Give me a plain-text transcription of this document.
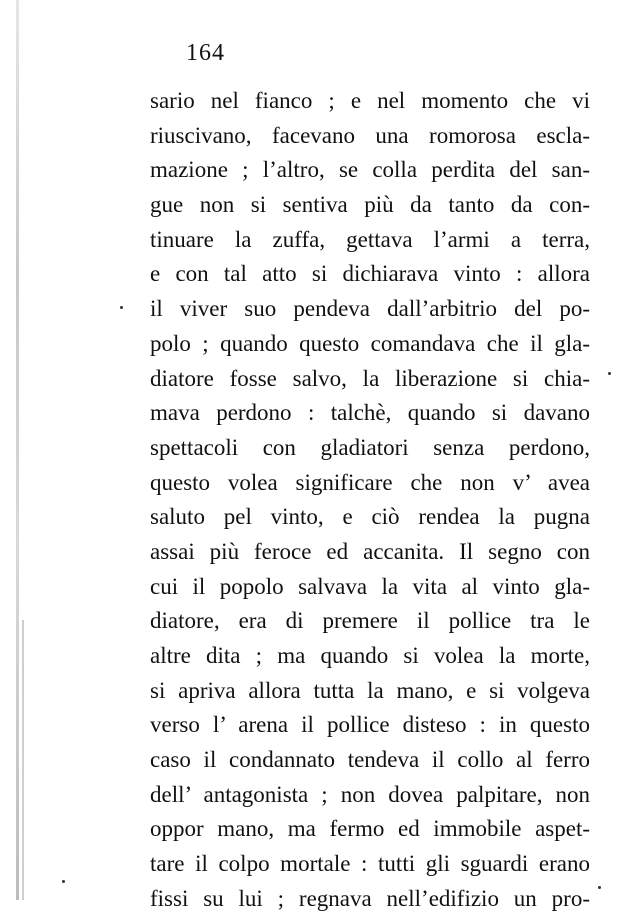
164
sario nel fianco ; e nel momento che vi
riuscivano, facevano una romorosa escla-
mazione ; l’altro, se colla perdita del san-
gue non si sentiva più da tanto da con-
tinuare la zuffa, gettava l’armi a terra,
e con tal atto si dichiarava vinto : allora
il viver suo pendeva dall’arbitrio del po-
polo ; quando questo comandava che il gla-
diatore fosse salvo, la liberazione si chia-
mava perdono : talchè, quando si davano
spettacoli con gladiatori senza perdono,
questo volea significare che non v’ avea
saluto pel vinto, e ciò rendea la pugna
assai più feroce ed accanita. Il segno con
cui il popolo salvava la vita al vinto gla-
diatore, era di premere il pollice tra le
altre dita ; ma quando si volea la morte,
si apriva allora tutta la mano, e si volgeva
verso l’ arena il pollice disteso : in questo
caso il condannato tendeva il collo al ferro
dell’ antagonista ; non dovea palpitare, non
oppor mano, ma fermo ed immobile aspet-
tare il colpo mortale : tutti gli sguardi erano
fissi su lui ; regnava nell’edifizio un pro-
